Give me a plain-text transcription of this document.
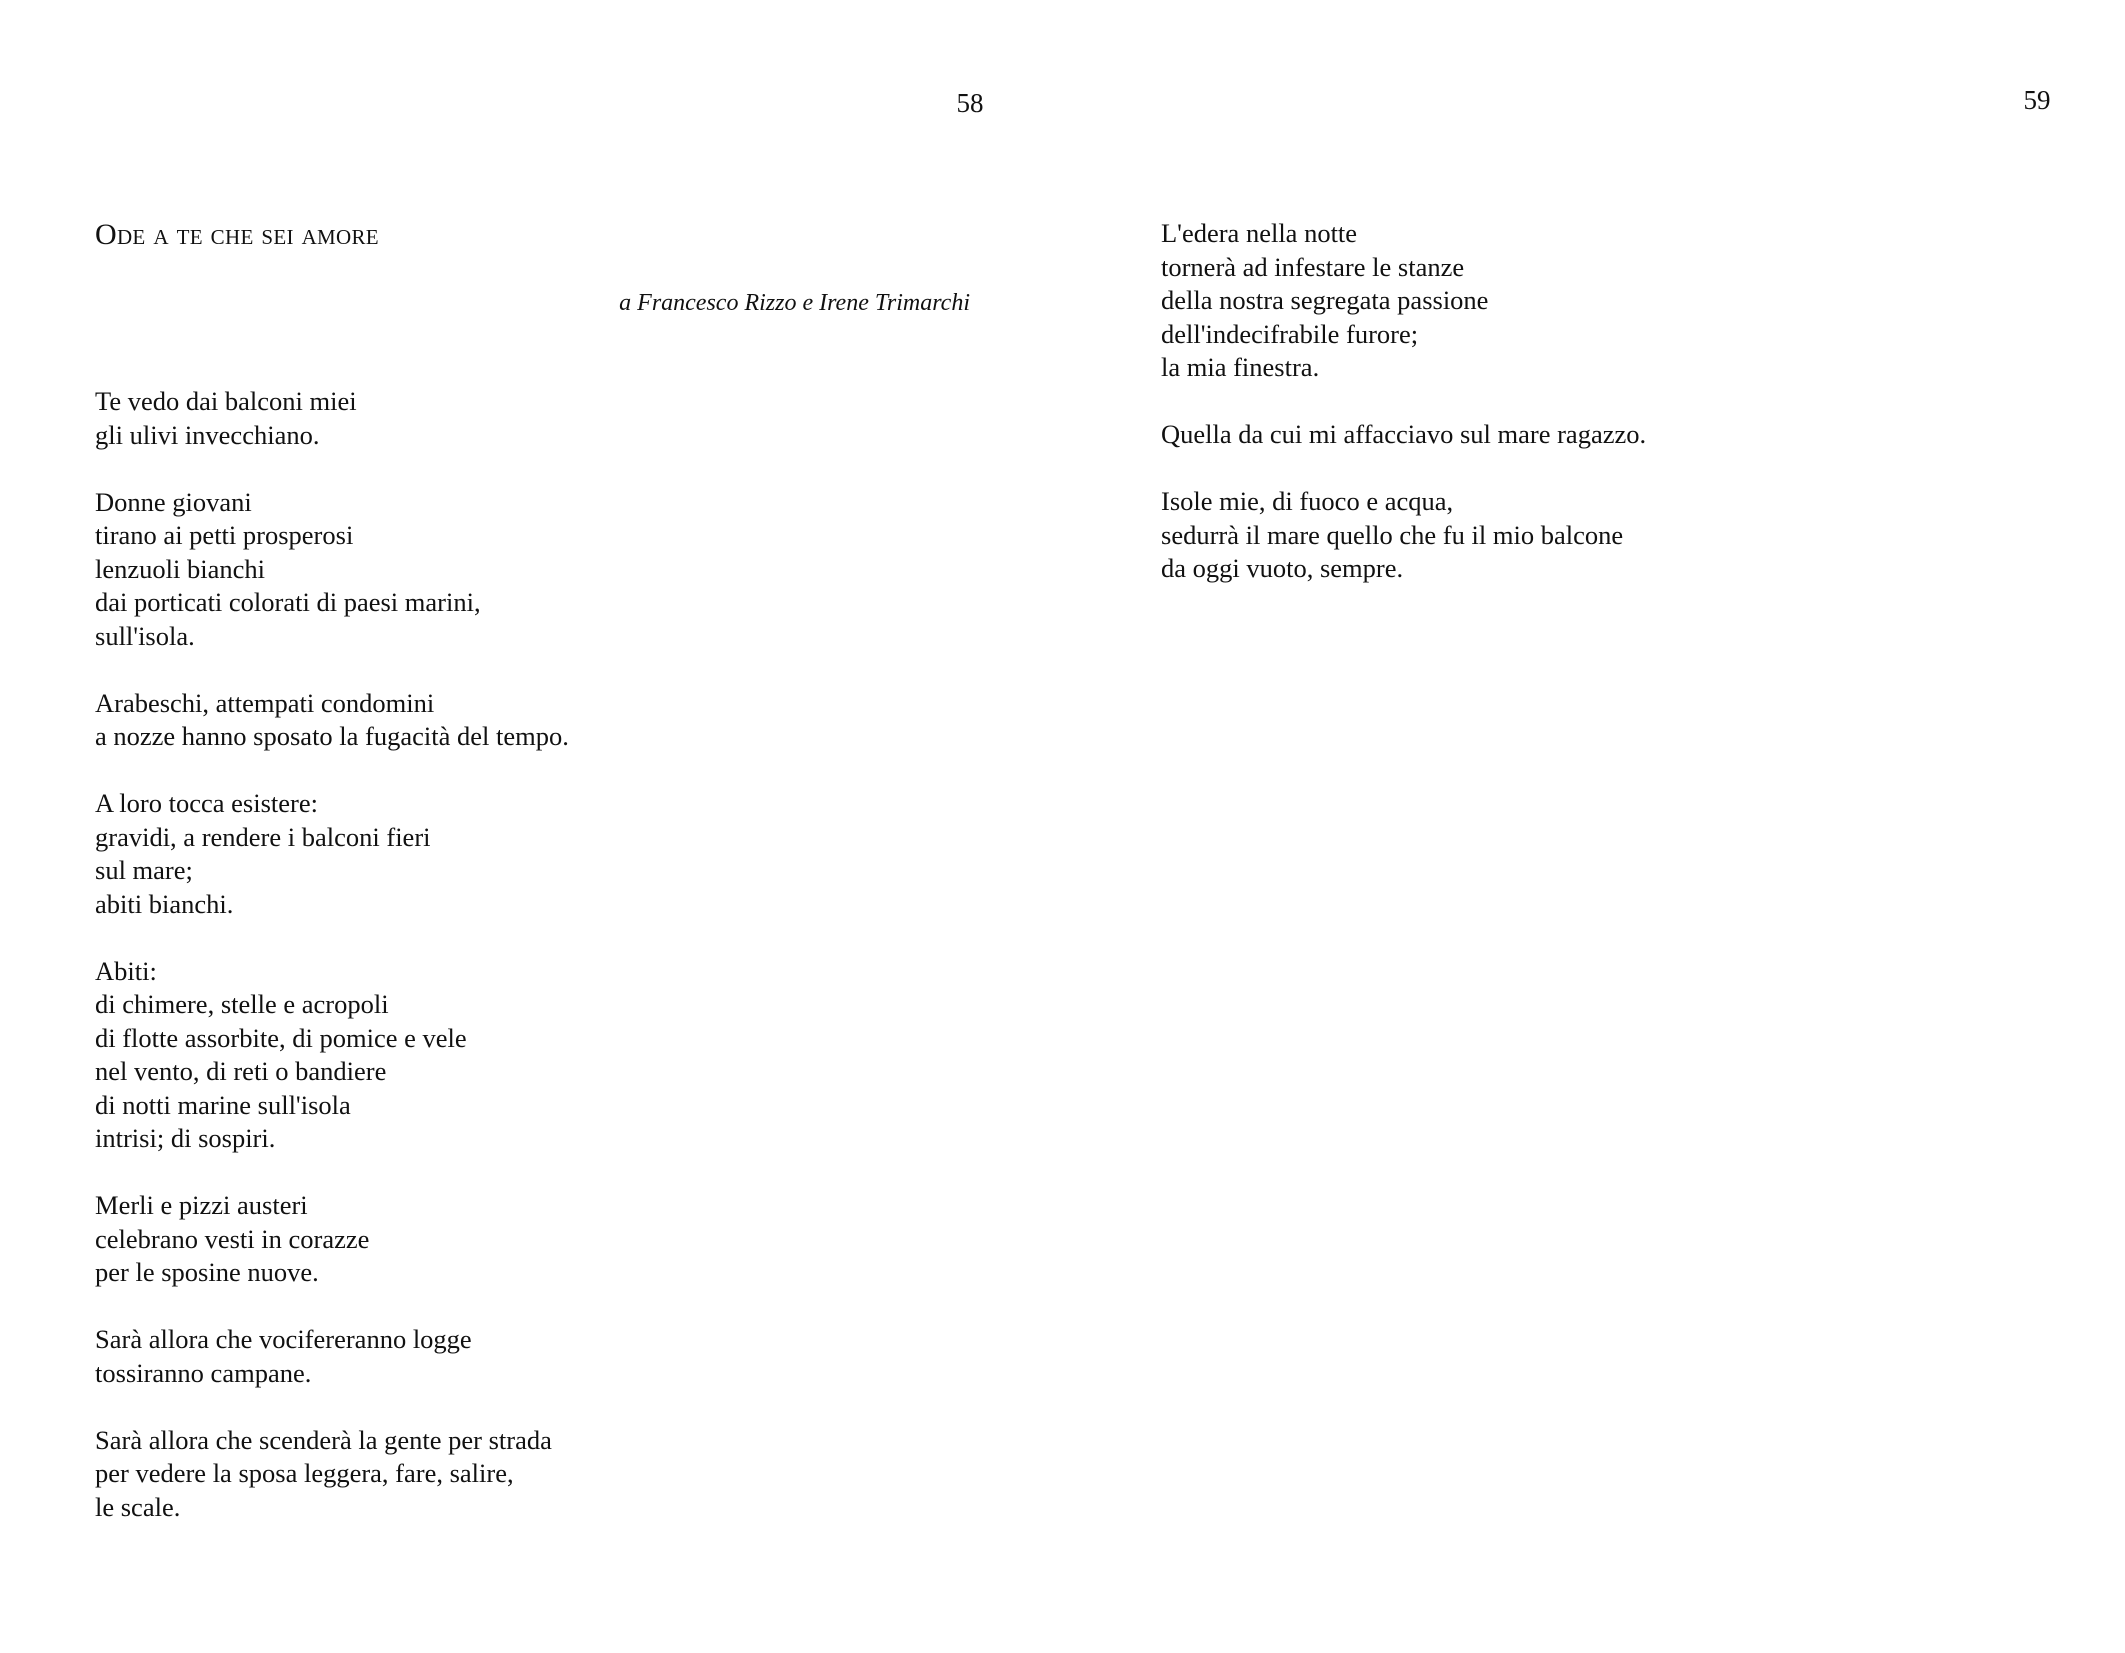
58
Ode a te che sei amore
a Francesco Rizzo e Irene Trimarchi
Te vedo dai balconi miei
gli ulivi invecchiano.
Donne giovani
tirano ai petti prosperosi
lenzuoli bianchi
dai porticati colorati di paesi marini,
sull'isola.
Arabeschi, attempati condomini
a nozze hanno sposato la fugacità del tempo.
A loro tocca esistere:
gravidi, a rendere i balconi fieri
sul mare;
abiti bianchi.
Abiti:
di chimere, stelle e acropoli
di flotte assorbite, di pomice e vele
nel vento, di reti o bandiere
di notti marine sull'isola
intrisi; di sospiri.
Merli e pizzi austeri
celebrano vesti in corazze
per le sposine nuove.
Sarà allora che vocifereranno logge
tossiranno campane.
Sarà allora che scenderà la gente per strada
per vedere la sposa leggera, fare, salire,
le scale.
59
L'edera nella notte
tornerà ad infestare le stanze
della nostra segregata passione
dell'indecifrabile furore;
la mia finestra.
Quella da cui mi affacciavo sul mare ragazzo.
Isole mie, di fuoco e acqua,
sedurrà il mare quello che fu il mio balcone
da oggi vuoto, sempre.
